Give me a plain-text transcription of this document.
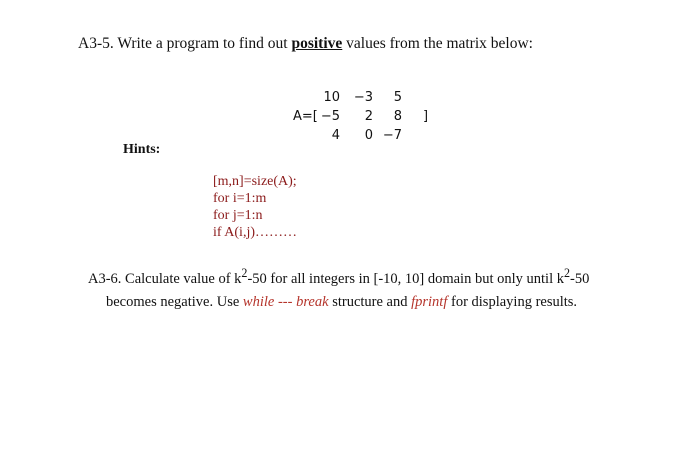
A3-5. Write a program to find out positive values from the matrix below:
A=[
10	−3	5
−5	2	8
4	0 −7
]
Hints:
[m,n]=size(A);
for i=1:m
for j=1:n
if A(i,j)………
A3-6. Calculate value of $k^2-50$ for all integers in [-10, 10] domain but only until $k^2-50$
becomes negative. Use while --- break structure and fprintf for displaying results.
